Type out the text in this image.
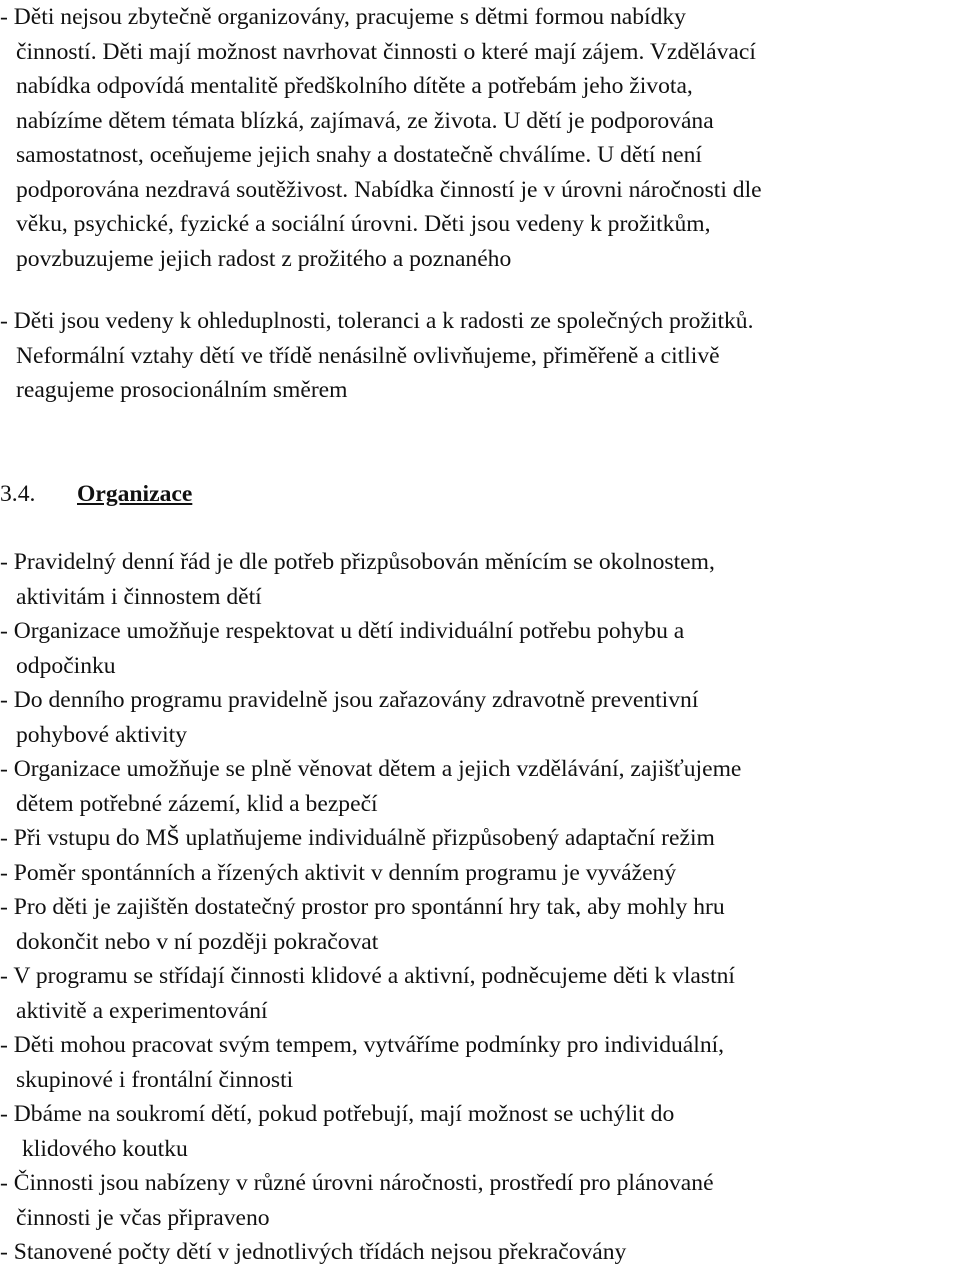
- Děti nejsou zbytečně organizovány, pracujeme s dětmi formou nabídky
činností. Děti mají možnost navrhovat činnosti o které mají zájem. Vzdělávací
nabídka odpovídá mentalitě předškolního dítěte a potřebám jeho života,
nabízíme dětem témata blízká, zajímavá, ze života. U dětí je podporována
samostatnost, oceňujeme jejich snahy a dostatečně chválíme. U dětí není
podporována nezdravá soutěživost. Nabídka činností je v úrovni náročnosti dle
věku, psychické, fyzické a sociální úrovni. Děti jsou vedeny k prožitkům,
povzbuzujeme jejich radost z prožitého a poznaného
- Děti jsou vedeny k ohleduplnosti, toleranci a k radosti ze společných prožitků.
Neformální vztahy dětí ve třídě nenásilně ovlivňujeme, přiměřeně a citlivě
reagujeme prosocionálním směrem
3.4. Organizace
- Pravidelný denní řád je dle potřeb přizpůsobován měnícím se okolnostem,
aktivitám i činnostem dětí
- Organizace umožňuje respektovat u dětí individuální potřebu pohybu a
odpočinku
- Do denního programu pravidelně jsou zařazovány zdravotně preventivní
pohybové aktivity
- Organizace umožňuje se plně věnovat dětem a jejich vzdělávání, zajišťujeme
dětem potřebné zázemí, klid a bezpečí
- Při vstupu do MŠ uplatňujeme individuálně přizpůsobený adaptační režim
- Poměr spontánních a řízených aktivit v denním programu je vyvážený
- Pro děti je zajištěn dostatečný prostor pro spontánní hry tak, aby mohly hru
dokončit nebo v ní později pokračovat
- V programu se střídají činnosti klidové a aktivní, podněcujeme děti k vlastní
aktivitě a experimentování
- Děti mohou pracovat svým tempem, vytváříme podmínky pro individuální,
skupinové i frontální činnosti
- Dbáme na soukromí dětí, pokud potřebují, mají možnost se uchýlit do
klidového koutku
- Činnosti jsou nabízeny v různé úrovni náročnosti, prostředí pro plánované
činnosti je včas připraveno
- Stanovené počty dětí v jednotlivých třídách nejsou překračovány
